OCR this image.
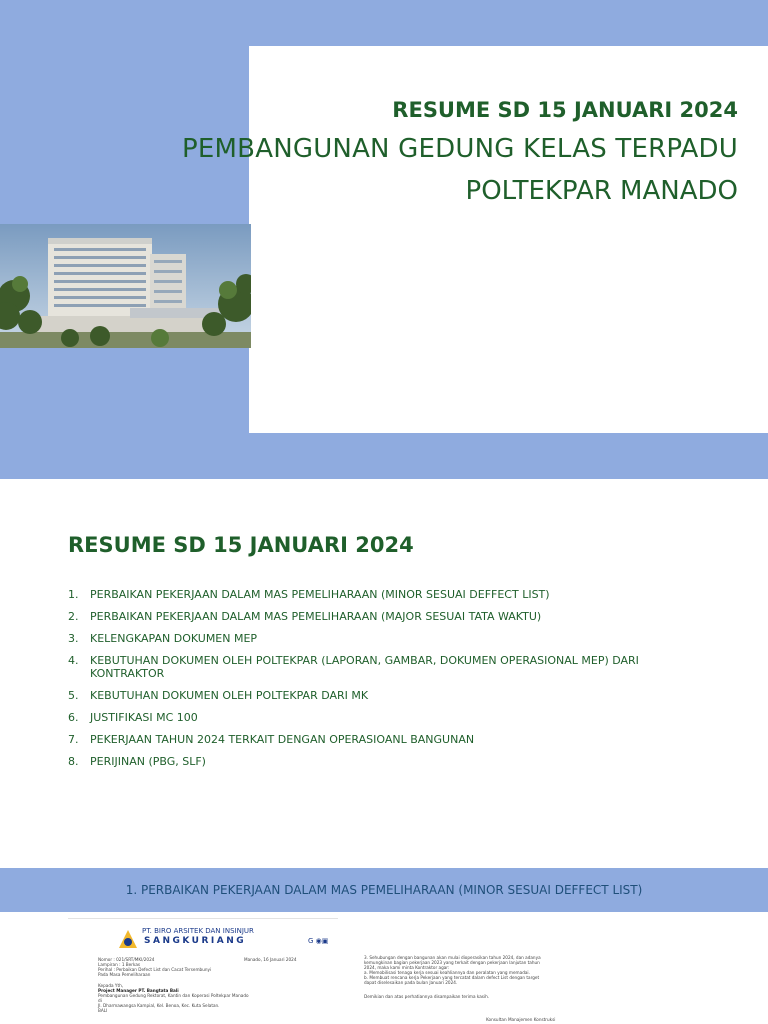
RESUME SD 15 JANUARI 2024
PEMBANGUNAN GEDUNG KELAS TERPADU
POLTEKPAR MANADO
RESUME SD 15 JANUARI 2024
1.	PERBAIKAN PEKERJAAN DALAM MAS PEMELIHARAAN (MINOR SESUAI DEFFECT LIST)
2.	PERBAIKAN PEKERJAAN DALAM MAS PEMELIHARAAN (MAJOR SESUAI TATA WAKTU)
3.	KELENGKAPAN DOKUMEN MEP
4.	KEBUTUHAN DOKUMEN OLEH POLTEKPAR (LAPORAN, GAMBAR, DOKUMEN OPERASIONAL MEP) DARI KONTRAKTOR
5.	KEBUTUHAN DOKUMEN OLEH POLTEKPAR DARI MK
6.	JUSTIFIKASI MC 100
7.	PEKERJAAN TAHUN 2024 TERKAIT DENGAN OPERASIOANL BANGUNAN
8.	PERIJINAN (PBG, SLF)
1. PERBAIKAN PEKERJAAN DALAM MAS PEMELIHARAAN (MINOR SESUAI DEFFECT LIST)
PT. BIRO ARSITEK DAN INSINJUR
SANGKURIANG	G ◉▣
Nomor : 021/SRT/MKI/2024
Lampiran : 1 Berkas
Perihal : Perbaikan Defect List dan Cacat Tersembunyi
Pada Masa Pemeliharaan
Manado, 16 Januari 2024
Kepada Yth,
Project Manager PT. Bangtata Bali
Pembangunan Gedung Rektorat, Kantin dan Koperasi Poltekpar Manado
di
Jl. Dharmawangsa Kampial, Kel. Benoa, Kec. Kuta Selatan.
BALI
3. Sehubungan dengan bangunan akan mulai dioperasikan tahun 2024, dan adanya
kemungkinan bagian pekerjaan 2023 yang terkait dengan pekerjaan lanjutan tahun
2024, maka kami minta Kontraktor agar:
a. Memobilisasi tenaga kerja sesuai keahliannya dan peralatan yang memadai.
b. Membuat rencana kerja Pekerjaan yang tercatat dalam defect List dengan target
dapat diselesaikan pada bulan Januari 2024.
Demikian dan atas perhatiannya disampaikan terima kasih.
Konsultan Manajemen Konstruksi
